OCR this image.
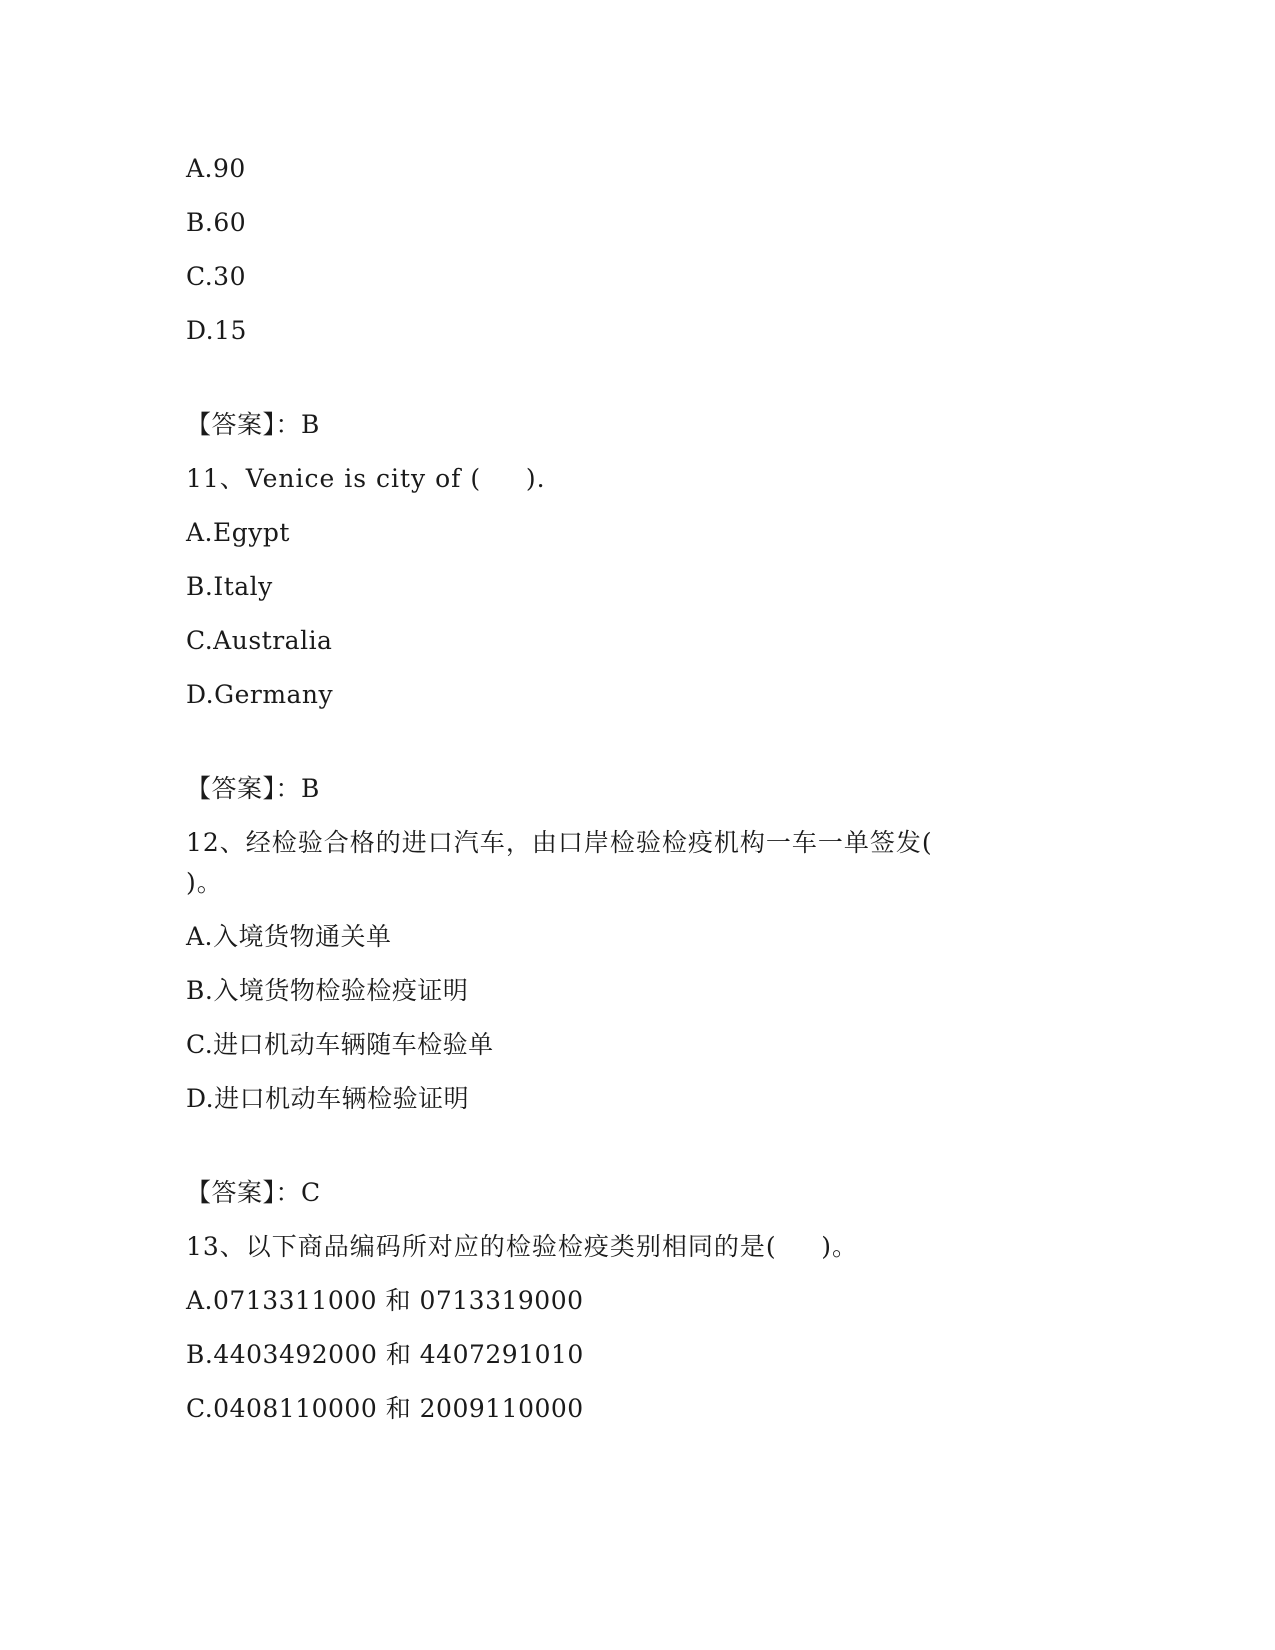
A.90
B.60
C.30
D.15
【答案】：B
11、Venice is city of (     ).
A.Egypt
B.Italy
C.Australia
D.Germany
【答案】：B
12、经检验合格的进口汽车，由口岸检验检疫机构一车一单签发(
)。
A.入境货物通关单
B.入境货物检验检疫证明
C.进口机动车辆随车检验单
D.进口机动车辆检验证明
【答案】：C
13、以下商品编码所对应的检验检疫类别相同的是(     )。
A.0713311000 和 0713319000
B.4403492000 和 4407291010
C.0408110000 和 2009110000
